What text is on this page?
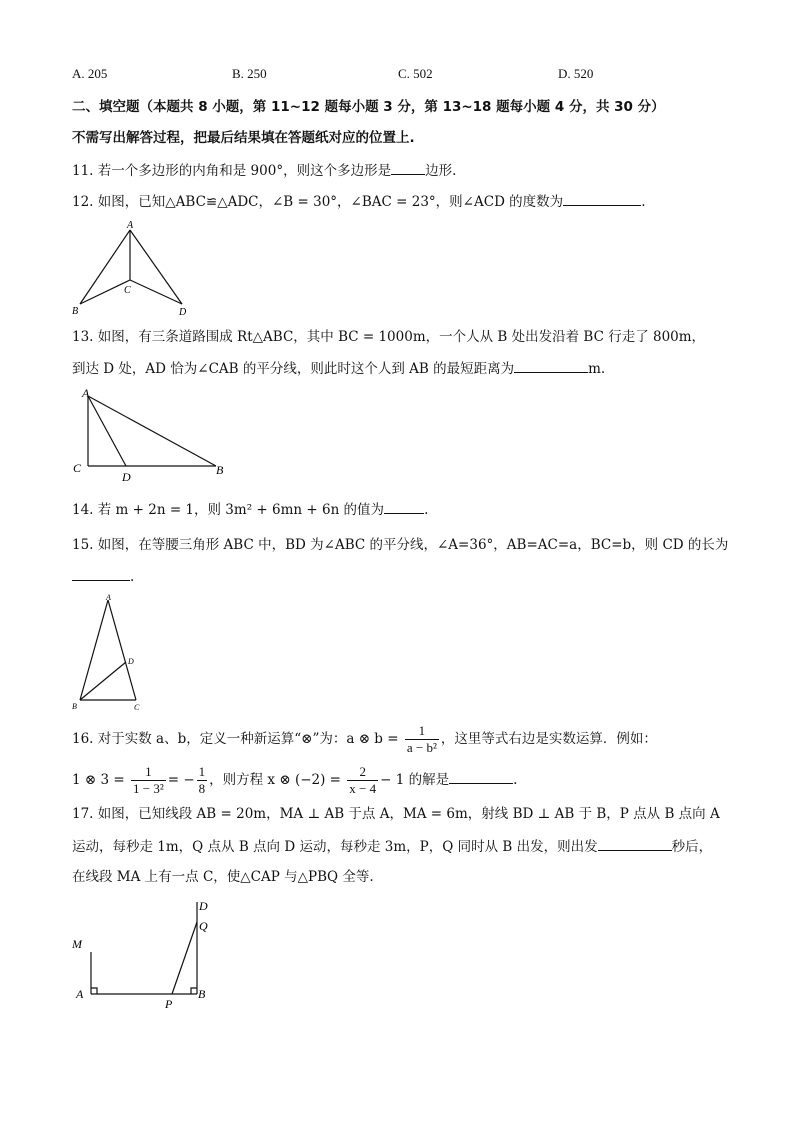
A. 205	B. 250	C. 502	D. 520
二、填空题（本题共 8 小题，第 11~12 题每小题 3 分，第 13~18 题每小题 4 分，共 30 分）
不需写出解答过程，把最后结果填在答题纸对应的位置上.
11. 若一个多边形的内角和是 900°，则这个多边形是	边形.
12. 如图，已知△ABC≌△ADC，∠B = 30°，∠BAC = 23°，则∠ACD 的度数为	.
A
B
C
D
13. 如图，有三条道路围成 Rt△ABC，其中 BC = 1000m，一个人从 B 处出发沿着 BC 行走了 800m，
到达 D 处，AD 恰为∠CAB 的平分线，则此时这个人到 AB 的最短距离为	m.
A
C
D	B
14. 若 m + 2n = 1，则 3m² + 6mn + 6n 的值为	.
15. 如图，在等腰三角形 ABC 中，BD 为∠ABC 的平分线，∠A=36°，AB=AC=a，BC=b，则 CD 的长为
.
A
D
B	C
16. 对于实数 a、b，定义一种新运算“⊗”为：a ⊗ $b = \frac{1}{\text{a − b²}}$ ，这里等式右边是实数运算．例如：
1 ⊗ $3 = \frac{1}{\text{1 − 3²}}$ = − $\frac{1}{8}$ ，则方程 x ⊗ $(-2) = \frac{2}{x - 4} - 1$ 的解是	.
17. 如图，已知线段 AB = 20m，MA ⊥ AB 于点 A，MA = 6m，射线 BD ⊥ AB 于 B，P 点从 B 点向 A
运动，每秒走 1m，Q 点从 B 点向 D 运动，每秒走 3m，P，Q 同时从 B 出发，则出发	秒后，
在线段 MA 上有一点 C，使△CAP 与△PBQ 全等.
D
Q
M
A
P
B
